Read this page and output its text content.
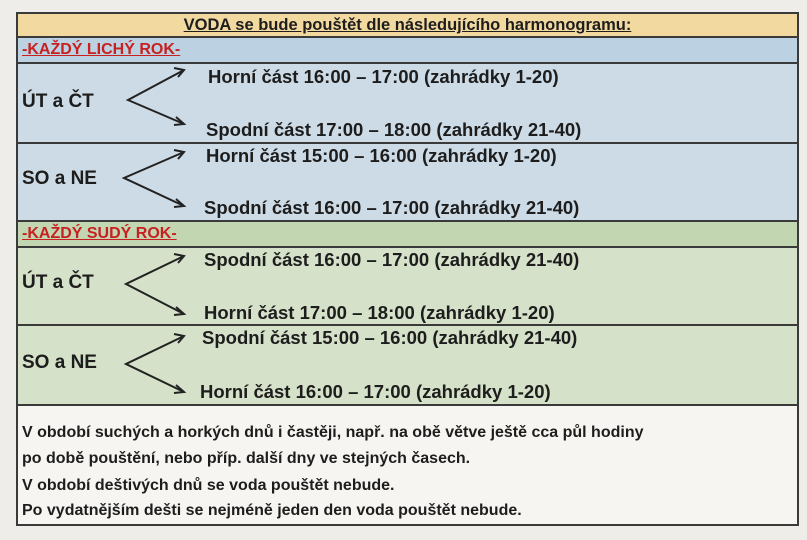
VODA se bude pouštět dle následujícího harmonogramu:
-KAŽDÝ LICHÝ ROK-
ÚT a ČT
Horní část 16:00 – 17:00 (zahrádky 1-20)
Spodní část 17:00 – 18:00 (zahrádky 21-40)
SO a NE
Horní část 15:00 – 16:00 (zahrádky 1-20)
Spodní část 16:00 – 17:00 (zahrádky 21-40)
-KAŽDÝ SUDÝ ROK-
ÚT a ČT
Spodní část 16:00 – 17:00 (zahrádky 21-40)
Horní část 17:00 – 18:00 (zahrádky 1-20)
SO a NE
Spodní část 15:00 – 16:00 (zahrádky 21-40)
Horní část 16:00 – 17:00 (zahrádky 1-20)
V období suchých a horkých dnů i častěji, např. na obě větve ještě cca půl hodiny
po době pouštění, nebo příp. další dny ve stejných časech.
V období deštivých dnů se voda pouštět nebude.
Po vydatnějším dešti se nejméně jeden den voda pouštět nebude.
